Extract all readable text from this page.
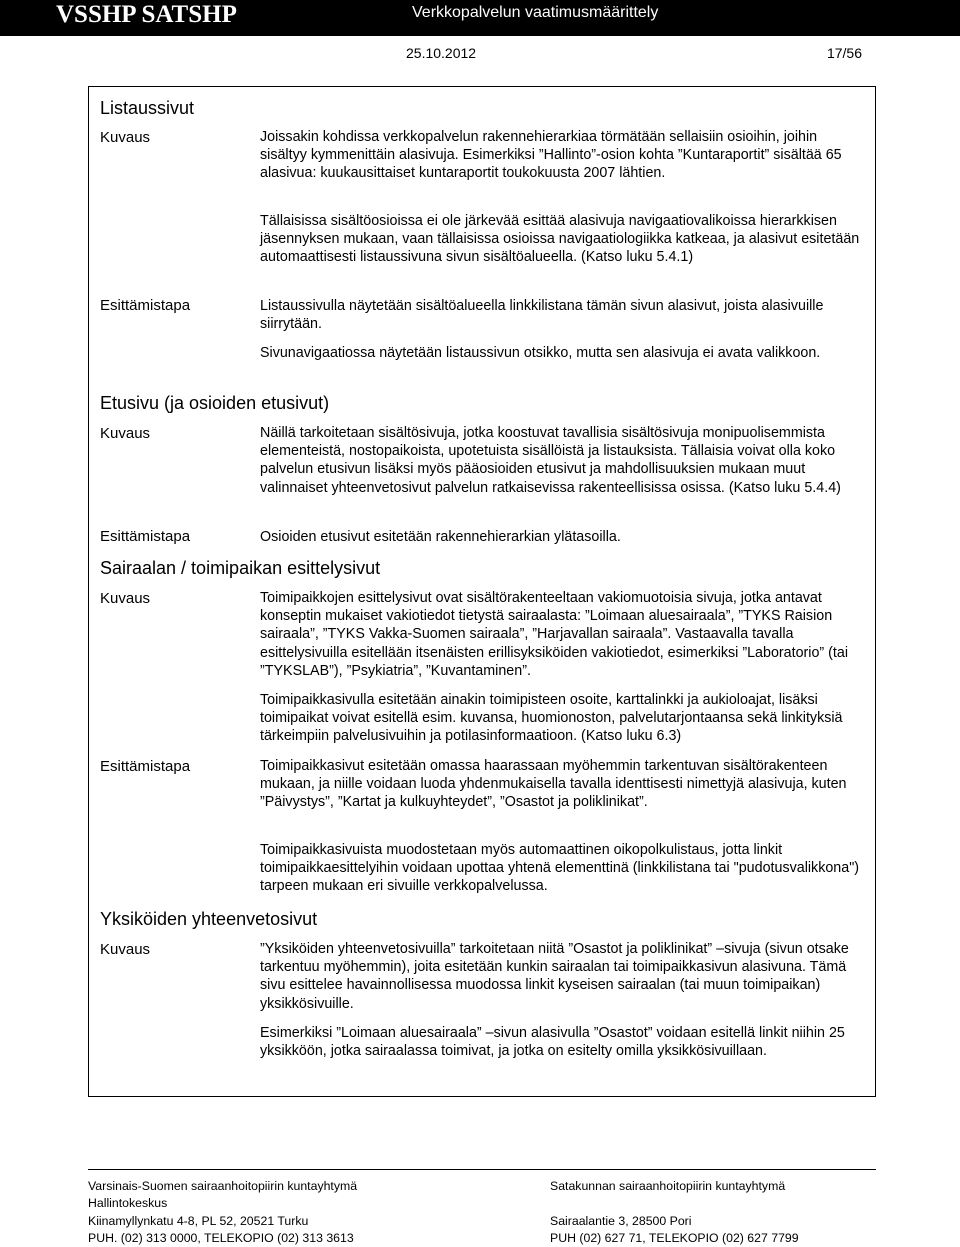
VSSHP SATSHP	Verkkopalvelun vaatimusmäärittely
25.10.2012	17/56
Listaussivut
Kuvaus	Joissakin kohdissa verkkopalvelun rakennehierarkiaa törmätään sellaisiin osioihin, joihin sisältyy kymmenittäin alasivuja. Esimerkiksi ”Hallinto”-osion kohta ”Kuntaraportit” sisältää 65 alasivua: kuukausittaiset kuntaraportit toukokuusta 2007 lähtien.

Tällaisissa sisältöosioissa ei ole järkevää esittää alasivuja navigaatiovalikoissa hierarkkisen jäsennyksen mukaan, vaan tällaisissa osioissa navigaatiologiikka katkeaa, ja alasivut esitetään automaattisesti listaussivuna sivun sisältöalueella. (Katso luku 5.4.1)

Esittämistapa	Listaussivulla näytetään sisältöalueella linkkilistana tämän sivun alasivut, joista alasivuille siirrytään.

Sivunavigaatiossa näytetään listaussivun otsikko, mutta sen alasivuja ei avata valikkoon.

Etusivu (ja osioiden etusivut)
Kuvaus	Näillä tarkoitetaan sisältösivuja, jotka koostuvat tavallisia sisältösivuja monipuolisemmista elementeistä, nostopaikoista, upotetuista sisällöistä ja listauksista. Tällaisia voivat olla koko palvelun etusivun lisäksi myös pääosioiden etusivut ja mahdollisuuksien mukaan muut valinnaiset yhteenvetosivut palvelun ratkaisevissa rakenteellisissa osissa. (Katso luku 5.4.4)

Esittämistapa	Osioiden etusivut esitetään rakennehierarkian ylätasoilla.

Sairaalan / toimipaikan esittelysivut
Kuvaus	Toimipaikkojen esittelysivut ovat sisältörakenteeltaan vakiomuotoisia sivuja, jotka antavat konseptin mukaiset vakiotiedot tietystä sairaalasta: ”Loimaan aluesairaala”, ”TYKS Raision sairaala”, ”TYKS Vakka-Suomen sairaala”, ”Harjavallan sairaala”. Vastaavalla tavalla esittelysivuilla esitellään itsenäisten erillisyksiköiden vakiotiedot, esimerkiksi ”Laboratorio” (tai ”TYKSLAB”), ”Psykiatria”, ”Kuvantaminen”.

Toimipaikkasivulla esitetään ainakin toimipisteen osoite, karttalinkki ja aukioloajat, lisäksi toimipaikat voivat esitellä esim. kuvansa, huomionoston, palvelutarjontaansa sekä linkityksiä tärkeimpiin palvelusivuihin ja potilasinformaatioon. (Katso luku 6.3)

Esittämistapa	Toimipaikkasivut esitetään omassa haarassaan myöhemmin tarkentuvan sisältörakenteen mukaan, ja niille voidaan luoda yhdenmukaisella tavalla identtisesti nimettyjä alasivuja, kuten ”Päivystys”, ”Kartat ja kulkuyhteydet”, ”Osastot ja poliklinikat”.

Toimipaikkasivuista muodostetaan myös automaattinen oikopolkulistaus, jotta linkit toimipaikkaesittelyihin voidaan upottaa yhtenä elementtinä (linkkilistana tai "pudotusvalikkona") tarpeen mukaan eri sivuille verkkopalvelussa.

Yksiköiden yhteenvetosivut
Kuvaus	”Yksiköiden yhteenvetosivuilla” tarkoitetaan niitä ”Osastot ja poliklinikat” –sivuja (sivun otsake tarkentuu myöhemmin), joita esitetään kunkin sairaalan tai toimipaikkasivun alasivuna. Tämä sivu esittelee havainnollisessa muodossa linkit kyseisen sairaalan (tai muun toimipaikan) yksikkösivuille.

Esimerkiksi ”Loimaan aluesairaala” –sivun alasivulla ”Osastot” voidaan esitellä linkit niihin 25 yksikköön, jotka sairaalassa toimivat, ja jotka on esitelty omilla yksikkösivuillaan.

Varsinais-Suomen sairaanhoitopiirin kuntayhtymä
Hallintokeskus
Kiinamyllynkatu 4-8, PL 52, 20521 Turku
PUH. (02) 313 0000, TELEKOPIO (02) 313 3613
Satakunnan sairaanhoitopiirin kuntayhtymä

Sairaalantie 3, 28500 Pori
PUH (02) 627 71, TELEKOPIO (02) 627 7799
